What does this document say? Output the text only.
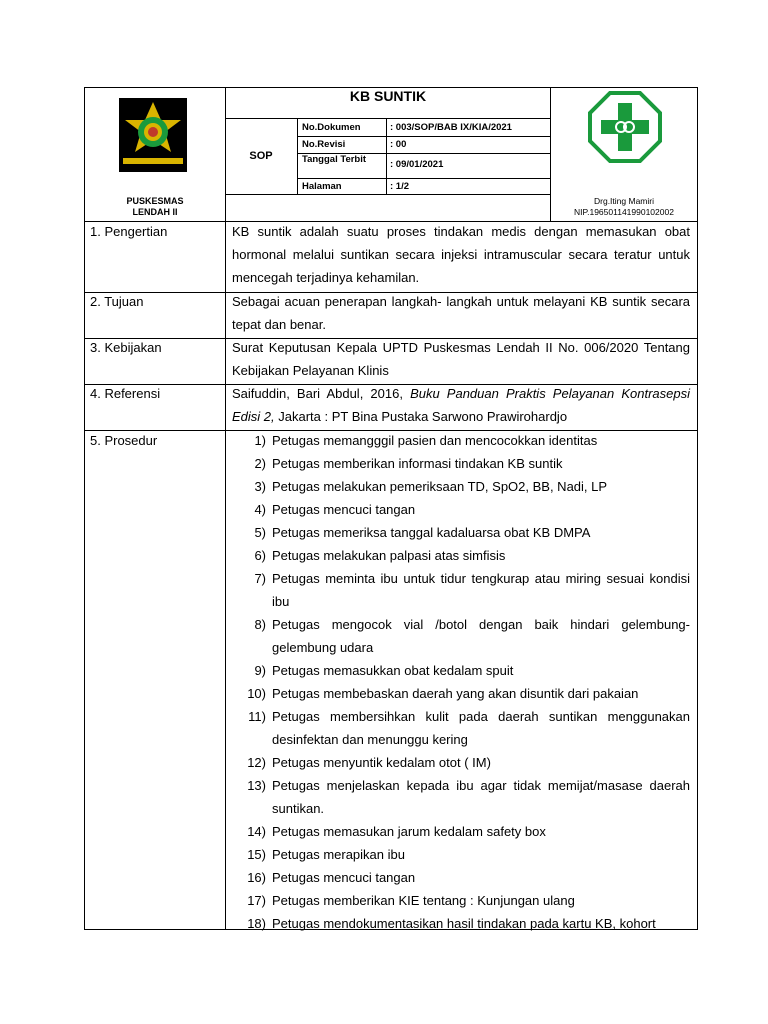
KB SUNTIK
SOP
No.Dokumen	: 003/SOP/BAB IX/KIA/2021
No.Revisi	: 00
Tanggal Terbit	: 09/01/2021
Halaman	: 1/2
PUSKESMAS
LENDAH II
Drg.Iting Mamiri
NIP.196501141990102002
1. Pengertian	KB suntik adalah suatu proses tindakan medis dengan memasukan obat hormonal melalui suntikan secara injeksi intramuscular secara teratur untuk mencegah terjadinya kehamilan.
2. Tujuan	Sebagai acuan penerapan langkah- langkah untuk melayani KB suntik secara tepat dan benar.
3. Kebijakan	Surat Keputusan Kepala UPTD Puskesmas Lendah II No. 006/2020 Tentang Kebijakan Pelayanan Klinis
4. Referensi	Saifuddin, Bari Abdul, 2016, Buku Panduan Praktis Pelayanan Kontrasepsi Edisi 2, Jakarta : PT Bina Pustaka Sarwono Prawirohardjo
5. Prosedur	1) Petugas memangggil pasien dan mencocokkan identitas
2) Petugas memberikan informasi tindakan KB suntik
3) Petugas melakukan pemeriksaan TD, SpO2, BB, Nadi, LP
4) Petugas mencuci tangan
5) Petugas memeriksa tanggal kadaluarsa obat KB DMPA
6) Petugas melakukan palpasi atas simfisis
7) Petugas meminta ibu untuk tidur tengkurap atau miring sesuai kondisi ibu
8) Petugas mengocok vial /botol dengan baik hindari gelembung-gelembung udara
9) Petugas memasukkan obat kedalam spuit
10) Petugas membebaskan daerah yang akan disuntik dari pakaian
11) Petugas membersihkan kulit pada daerah suntikan menggunakan desinfektan dan menunggu kering
12) Petugas menyuntik kedalam otot ( IM)
13) Petugas menjelaskan kepada ibu agar tidak memijat/masase daerah suntikan.
14) Petugas memasukan jarum kedalam safety box
15) Petugas merapikan ibu
16) Petugas mencuci tangan
17) Petugas memberikan KIE tentang : Kunjungan ulang
18) Petugas mendokumentasikan hasil tindakan pada kartu KB, kohort
